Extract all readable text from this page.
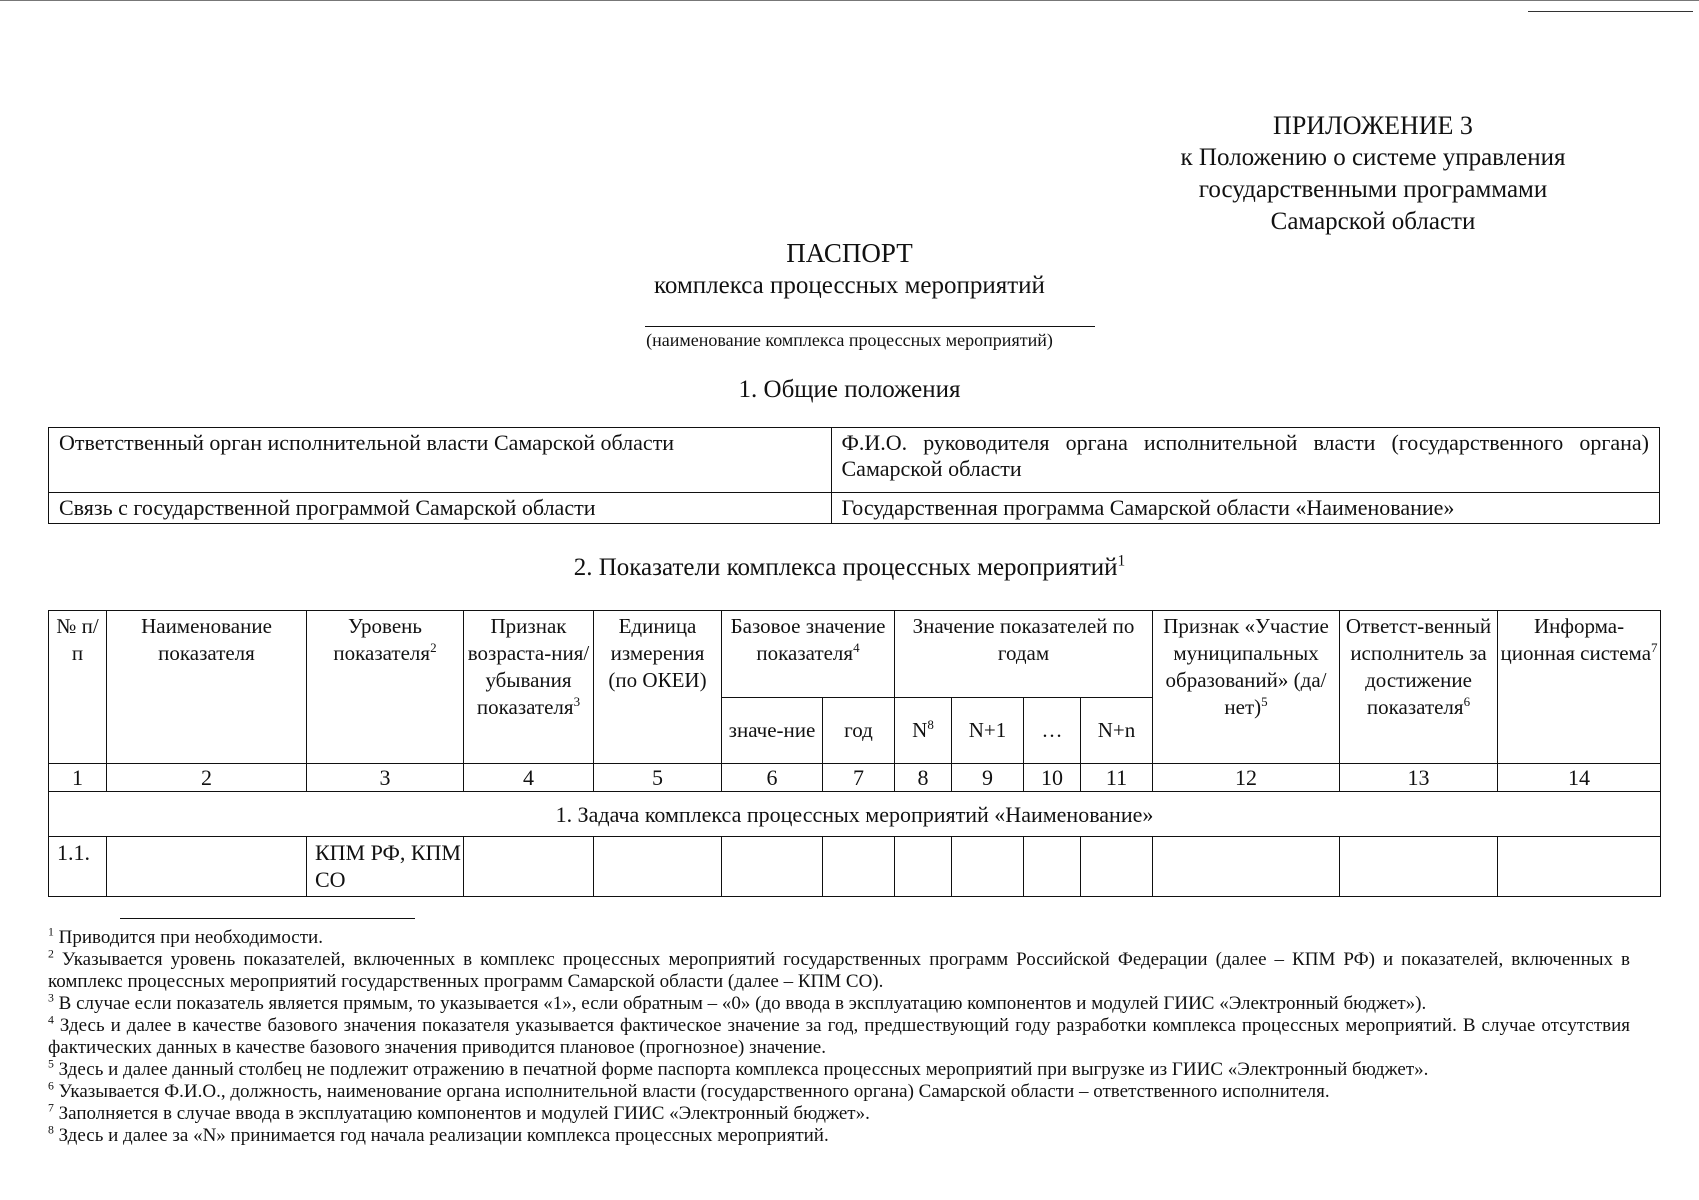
ПРИЛОЖЕНИЕ 3
к Положению о системе управления
государственными программами
Самарской области
ПАСПОРТ
комплекса процессных мероприятий
(наименование комплекса процессных мероприятий)
1. Общие положения
Ответственный орган исполнительной власти Самарской области	Ф.И.О. руководителя органа исполнительной власти (государственного органа) Самарской области
Связь с государственной программой Самарской области	Государственная программа Самарской области «Наименование»
2. Показатели комплекса процессных мероприятий$^1$
№ п/п	Наименование показателя	Уровень показателя$^2$	Признак возраста-ния/ убывания показателя$^3$	Единица измерения (по ОКЕИ)	Базовое значение показателя$^4$		Значение показателей по годам				Признак «Участие муниципальных образований» $(да/нет)^5$	Ответст-венный исполнитель за достижение показателя$^6$	Информа-ционная система$^7$
					значе-ние	год	$N^8$	N+1	…	N+n			
1	2	3	4	5	6	7	8	9	10	11	12	13	14
1. Задача комплекса процессных мероприятий «Наименование»													
1.1.		КПМ РФ, КПМ СО											

$^1$ Приводится при необходимости.

$^2$ Указывается уровень показателей, включенных в комплекс процессных мероприятий государственных программ Российской Федерации (далее – КПМ РФ) и показателей, включенных в комплекс процессных мероприятий государственных программ Самарской области (далее – КПМ СО).

$^3$ В случае если показатель является прямым, то указывается «1», если обратным – «0» (до ввода в эксплуатацию компонентов и модулей ГИИС «Электронный бюджет»).

$^4$ Здесь и далее в качестве базового значения показателя указывается фактическое значение за год, предшествующий году разработки комплекса процессных мероприятий. В случае отсутствия фактических данных в качестве базового значения приводится плановое (прогнозное) значение.

$^5$ Здесь и далее данный столбец не подлежит отражению в печатной форме паспорта комплекса процессных мероприятий при выгрузке из ГИИС «Электронный бюджет».

$^6$ Указывается Ф.И.О., должность, наименование органа исполнительной власти (государственного органа) Самарской области – ответственного исполнителя.

$^7$ Заполняется в случае ввода в эксплуатацию компонентов и модулей ГИИС «Электронный бюджет».

$^8$ Здесь и далее за «N» принимается год начала реализации комплекса процессных мероприятий.
